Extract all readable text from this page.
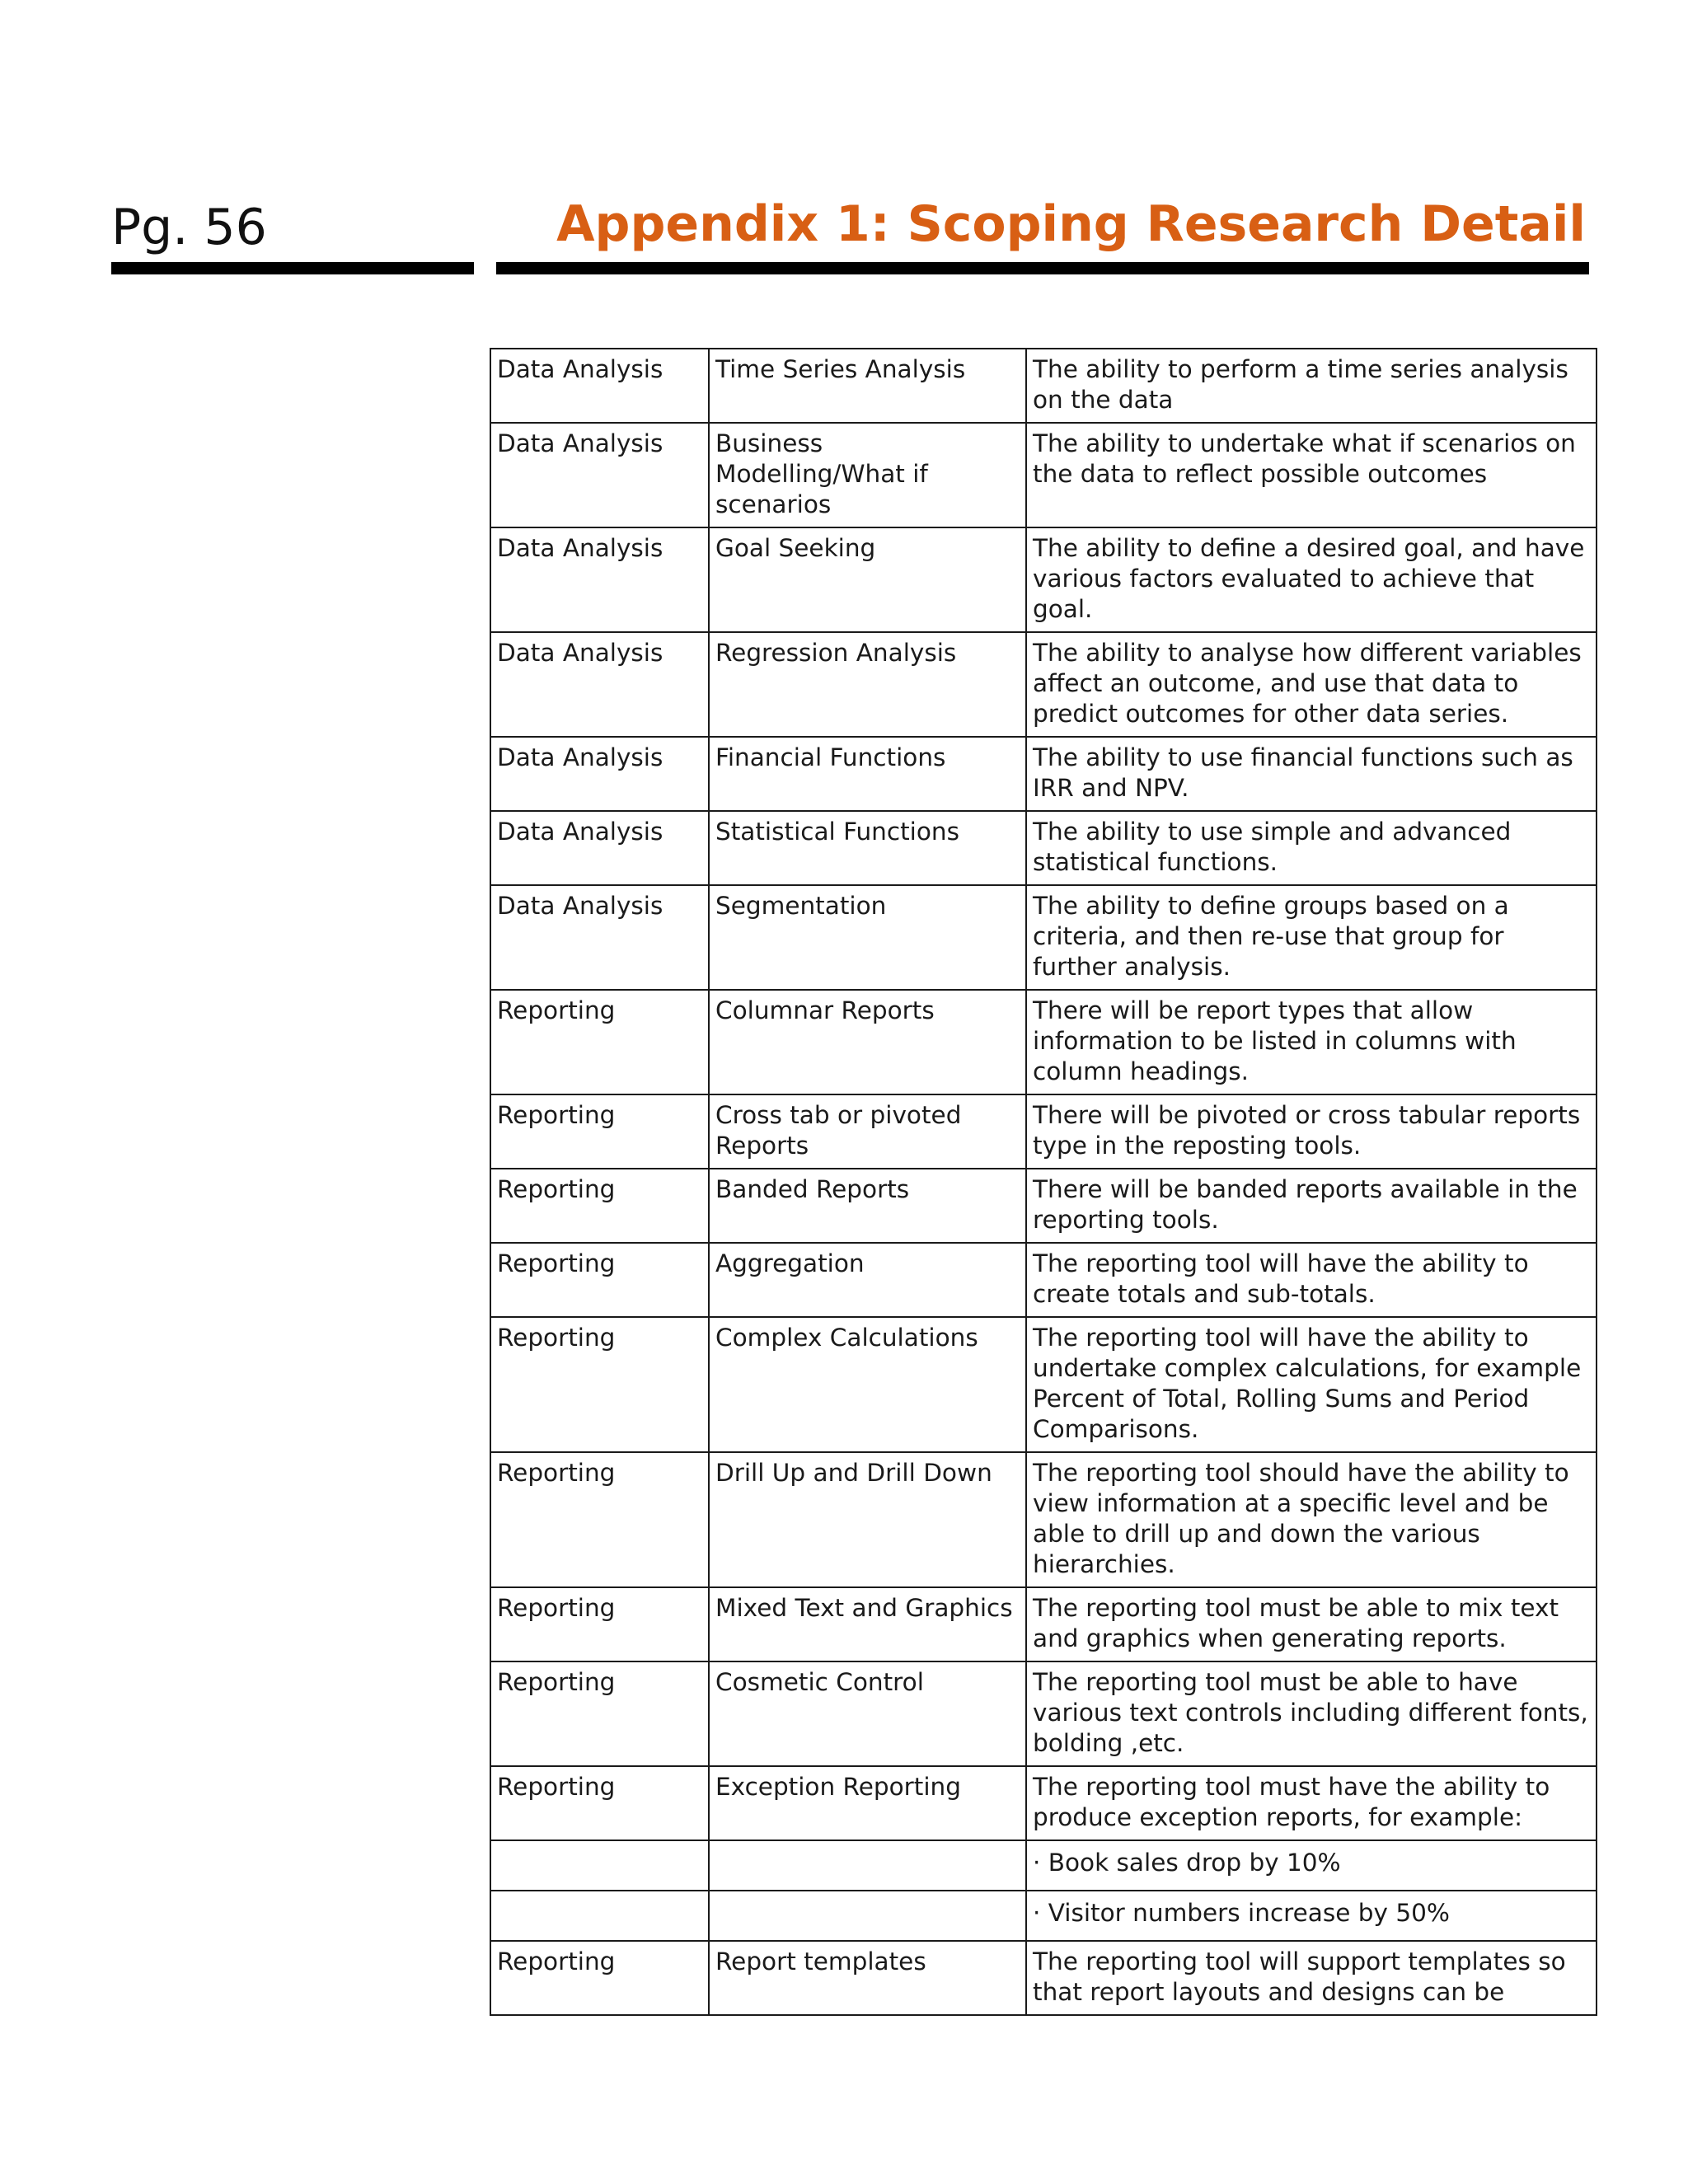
Pg. 56	Appendix 1: Scoping Research Detail
Data Analysis	Time Series Analysis	The ability to perform a time series analysis on the data
Data Analysis	Business Modelling/What if scenarios	The ability to undertake what if scenarios on the data to reflect possible outcomes
Data Analysis	Goal Seeking	The ability to define a desired goal, and have various factors evaluated to achieve that goal.
Data Analysis	Regression Analysis	The ability to analyse how different variables affect an outcome, and use that data to predict outcomes for other data series.
Data Analysis	Financial Functions	The ability to use financial functions such as IRR and NPV.
Data Analysis	Statistical Functions	The ability to use simple and advanced statistical functions.
Data Analysis	Segmentation	The ability to define groups based on a criteria, and then re-use that group for further analysis.
Reporting	Columnar Reports	There will be report types that allow information to be listed in columns with column headings.
Reporting	Cross tab or pivoted Reports	There will be pivoted or cross tabular reports type in the reposting tools.
Reporting	Banded Reports	There will be banded reports available in the reporting tools.
Reporting	Aggregation	The reporting tool will have the ability to create totals and sub-totals.
Reporting	Complex Calculations	The reporting tool will have the ability to undertake complex calculations, for example Percent of Total, Rolling Sums and Period Comparisons.
Reporting	Drill Up and Drill Down	The reporting tool should have the ability to view information at a specific level and be able to drill up and down the various hierarchies.
Reporting	Mixed Text and Graphics	The reporting tool must be able to mix text and graphics when generating reports.
Reporting	Cosmetic Control	The reporting tool must be able to have various text controls including different fonts, bolding ,etc.
Reporting	Exception Reporting	The reporting tool must have the ability to produce exception reports, for example:
		· Book sales drop by 10%
		· Visitor numbers increase by 50%
Reporting	Report templates	The reporting tool will support templates so that report layouts and designs can be
